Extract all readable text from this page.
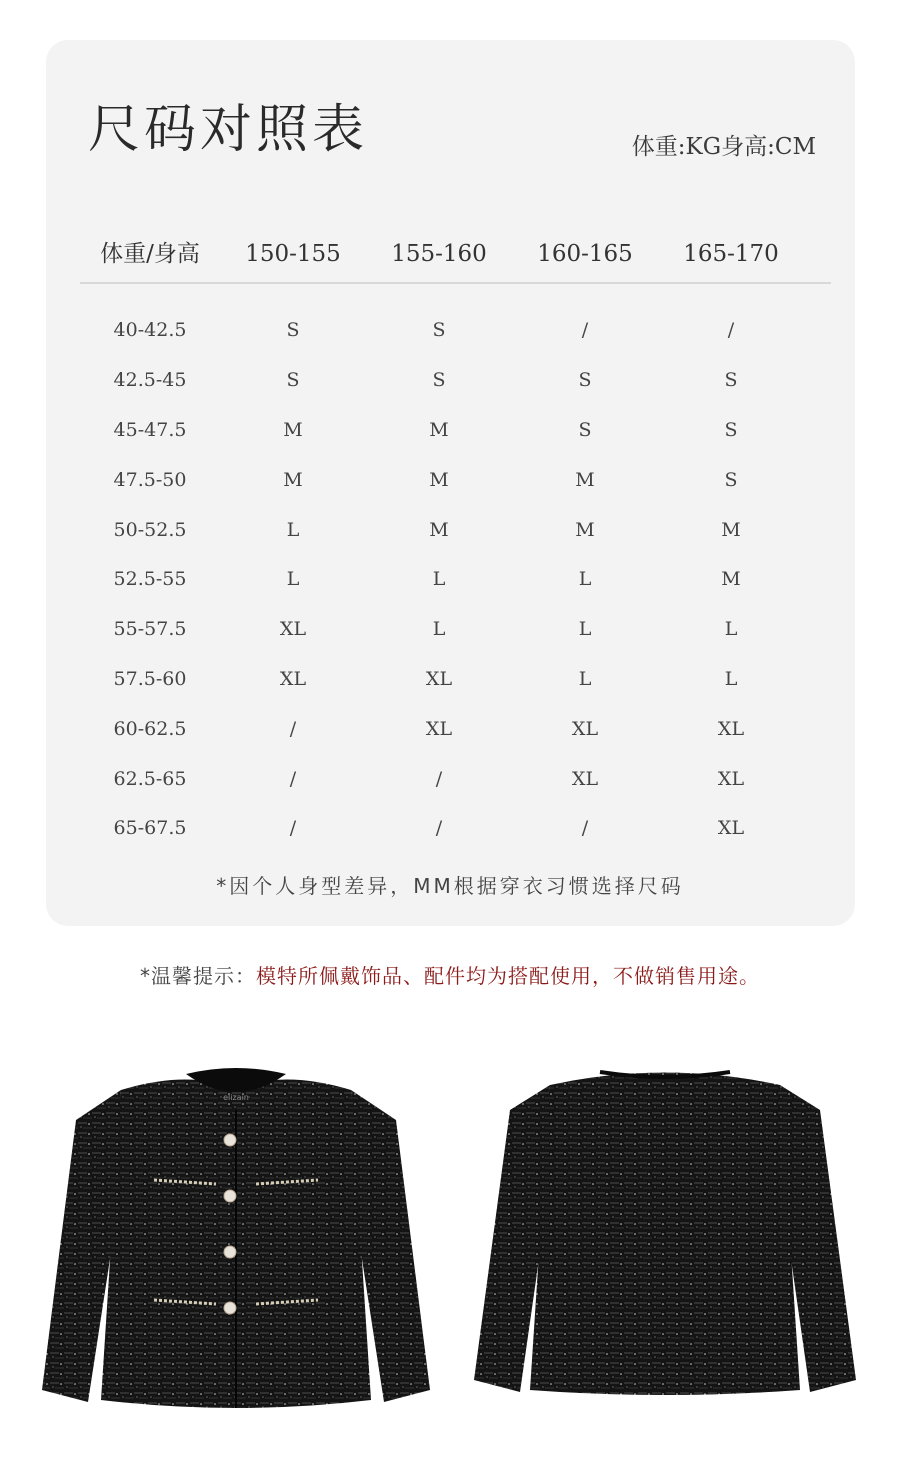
尺码对照表	体重:KG身高:CM
体重/身高	150-155	155-160	160-165	165-170
40-42.5	S	S	/	/
42.5-45	S	S	S	S
45-47.5	M	M	S	S
47.5-50	M	M	M	S
50-52.5	L	M	M	M
52.5-55	L	L	L	M
55-57.5	XL	L	L	L
57.5-60	XL	XL	L	L
60-62.5	/	XL	XL	XL
62.5-65	/	/	XL	XL
65-67.5	/	/	/	XL
*因个人身型差异，MM根据穿衣习惯选择尺码
*温馨提示：模特所佩戴饰品、配件均为搭配使用，不做销售用途。
elizain
